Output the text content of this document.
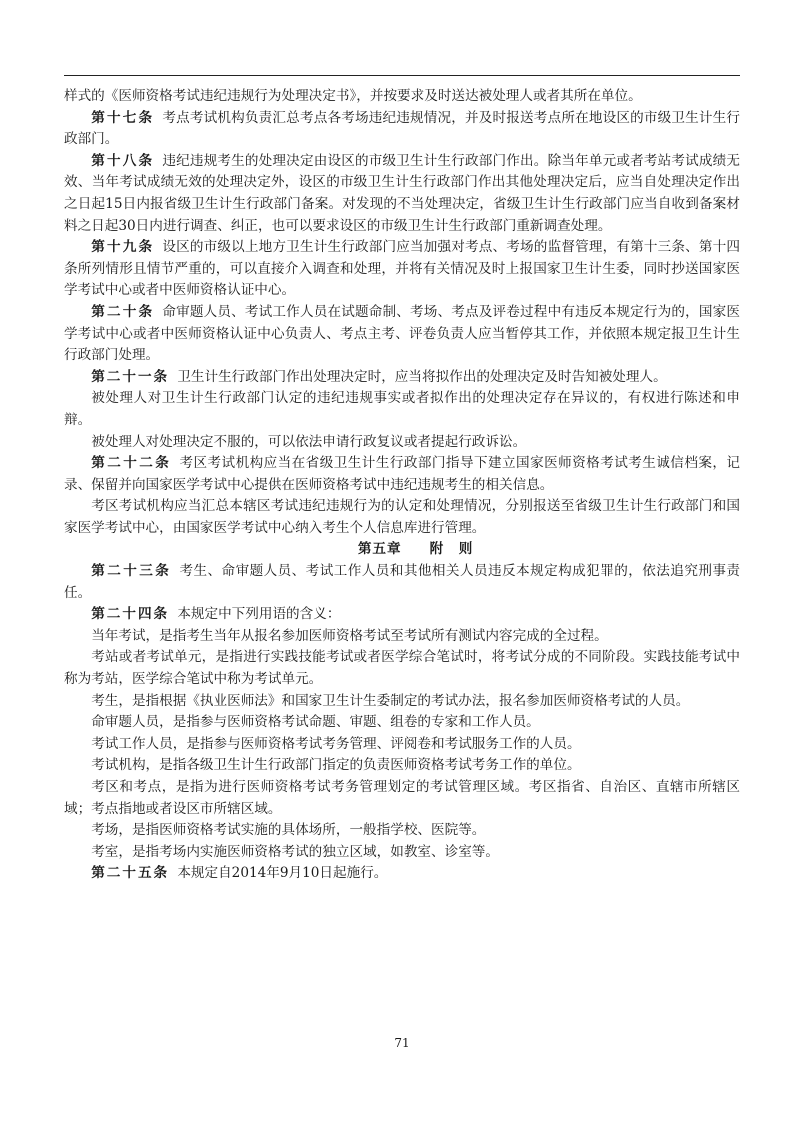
样式的《医师资格考试违纪违规行为处理决定书》，并按要求及时送达被处理人或者其所在单位。

第十七条 考点考试机构负责汇总考点各考场违纪违规情况，并及时报送考点所在地设区的市级卫生计生行政部门。

第十八条 违纪违规考生的处理决定由设区的市级卫生计生行政部门作出。除当年单元或者考站考试成绩无效、当年考试成绩无效的处理决定外，设区的市级卫生计生行政部门作出其他处理决定后，应当自处理决定作出之日起15日内报省级卫生计生行政部门备案。对发现的不当处理决定，省级卫生计生行政部门应当自收到备案材料之日起30日内进行调查、纠正，也可以要求设区的市级卫生计生行政部门重新调查处理。

第十九条 设区的市级以上地方卫生计生行政部门应当加强对考点、考场的监督管理，有第十三条、第十四条所列情形且情节严重的，可以直接介入调查和处理，并将有关情况及时上报国家卫生计生委，同时抄送国家医学考试中心或者中医师资格认证中心。

第二十条 命审题人员、考试工作人员在试题命制、考场、考点及评卷过程中有违反本规定行为的，国家医学考试中心或者中医师资格认证中心负责人、考点主考、评卷负责人应当暂停其工作，并依照本规定报卫生计生行政部门处理。

第二十一条 卫生计生行政部门作出处理决定时，应当将拟作出的处理决定及时告知被处理人。

被处理人对卫生计生行政部门认定的违纪违规事实或者拟作出的处理决定存在异议的，有权进行陈述和申辩。

被处理人对处理决定不服的，可以依法申请行政复议或者提起行政诉讼。

第二十二条 考区考试机构应当在省级卫生计生行政部门指导下建立国家医师资格考试考生诚信档案，记录、保留并向国家医学考试中心提供在医师资格考试中违纪违规考生的相关信息。

考区考试机构应当汇总本辖区考试违纪违规行为的认定和处理情况，分别报送至省级卫生计生行政部门和国家医学考试中心，由国家医学考试中心纳入考生个人信息库进行管理。

第五章 附　则

第二十三条 考生、命审题人员、考试工作人员和其他相关人员违反本规定构成犯罪的，依法追究刑事责任。

第二十四条 本规定中下列用语的含义：

当年考试，是指考生当年从报名参加医师资格考试至考试所有测试内容完成的全过程。

考站或者考试单元，是指进行实践技能考试或者医学综合笔试时，将考试分成的不同阶段。实践技能考试中称为考站，医学综合笔试中称为考试单元。

考生，是指根据《执业医师法》和国家卫生计生委制定的考试办法，报名参加医师资格考试的人员。

命审题人员，是指参与医师资格考试命题、审题、组卷的专家和工作人员。

考试工作人员，是指参与医师资格考试考务管理、评阅卷和考试服务工作的人员。

考试机构，是指各级卫生计生行政部门指定的负责医师资格考试考务工作的单位。

考区和考点，是指为进行医师资格考试考务管理划定的考试管理区域。考区指省、自治区、直辖市所辖区域；考点指地或者设区市所辖区域。

考场，是指医师资格考试实施的具体场所，一般指学校、医院等。

考室，是指考场内实施医师资格考试的独立区域，如教室、诊室等。

第二十五条 本规定自2014年9月10日起施行。

71
